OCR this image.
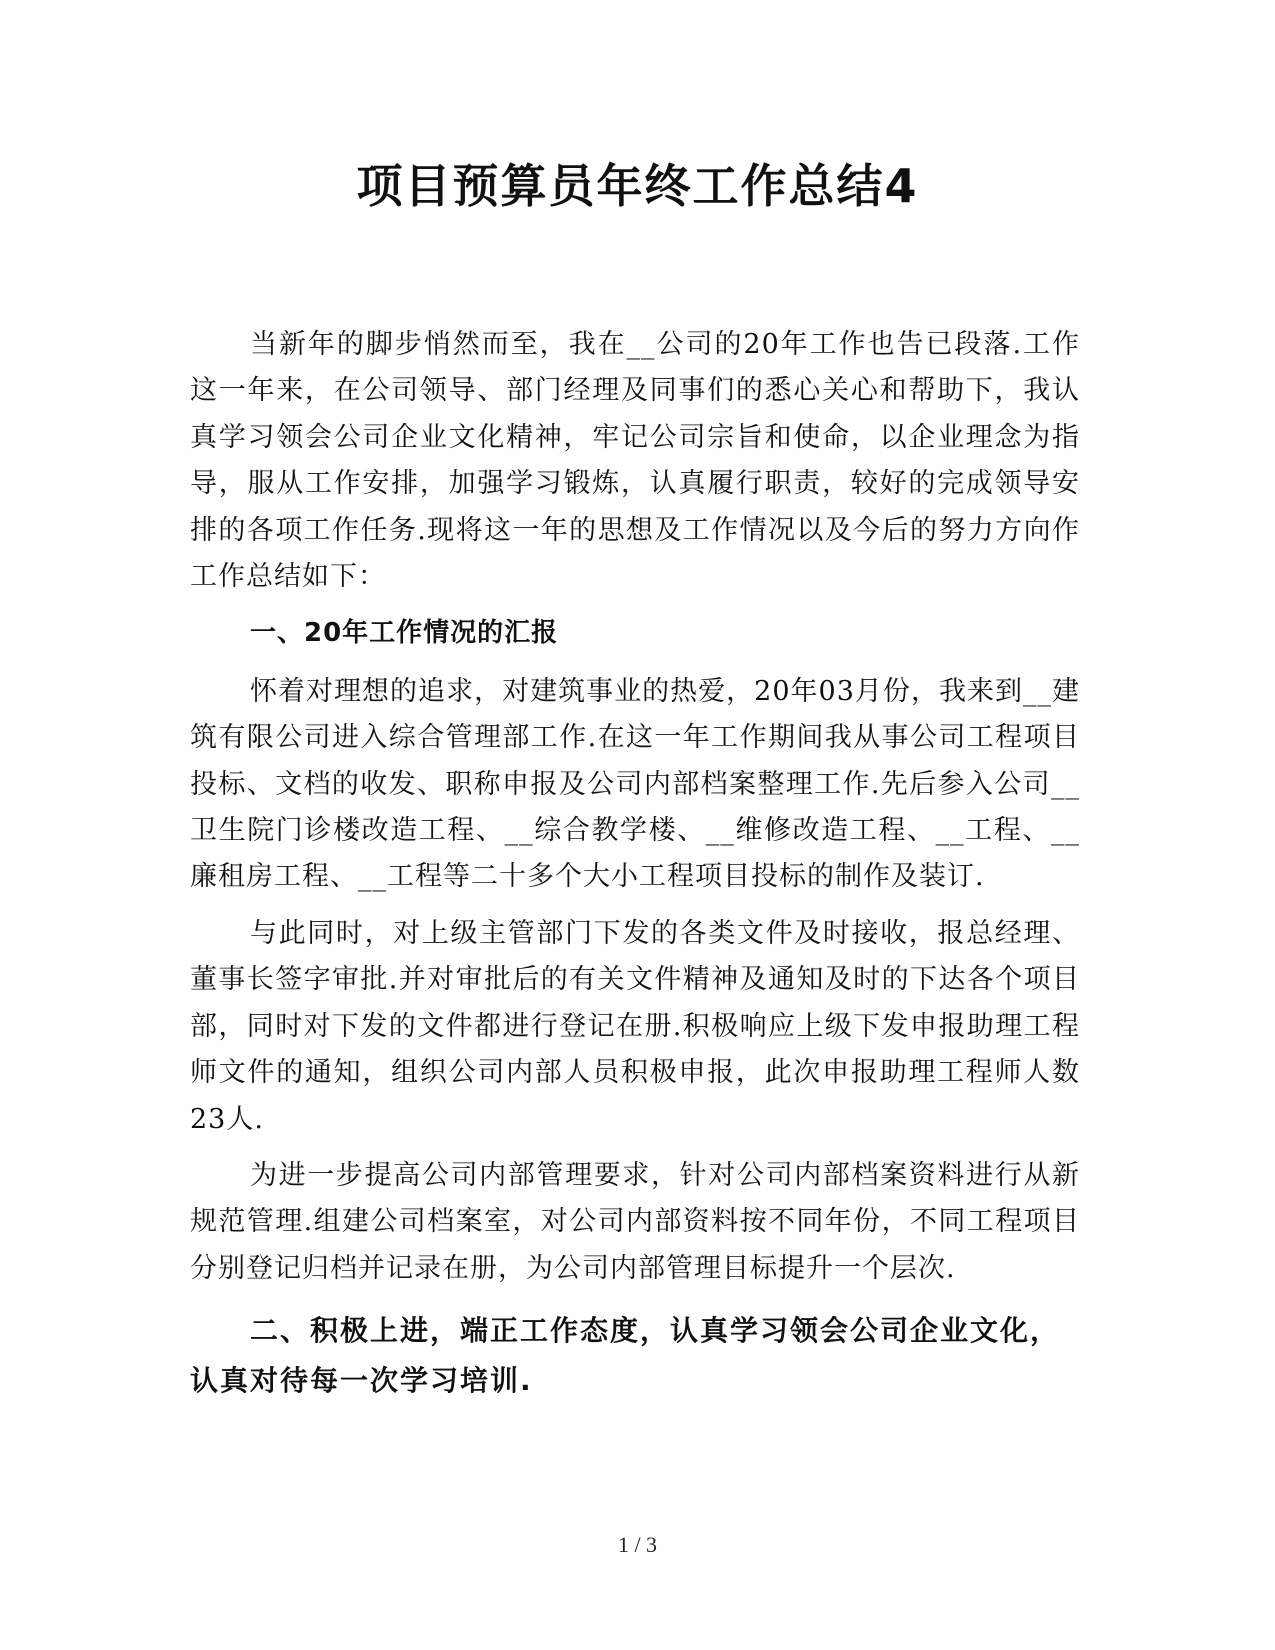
项目预算员年终工作总结4

当新年的脚步悄然而至，我在__公司的20年工作也告已段落.工作这一年来，在公司领导、部门经理及同事们的悉心关心和帮助下，我认真学习领会公司企业文化精神，牢记公司宗旨和使命，以企业理念为指导，服从工作安排，加强学习锻炼，认真履行职责，较好的完成领导安排的各项工作任务.现将这一年的思想及工作情况以及今后的努力方向作工作总结如下：

一、20年工作情况的汇报

怀着对理想的追求，对建筑事业的热爱，20年03月份，我来到__建筑有限公司进入综合管理部工作.在这一年工作期间我从事公司工程项目投标、文档的收发、职称申报及公司内部档案整理工作.先后参入公司__卫生院门诊楼改造工程、__综合教学楼、__维修改造工程、__工程、__廉租房工程、__工程等二十多个大小工程项目投标的制作及装订.

与此同时，对上级主管部门下发的各类文件及时接收，报总经理、董事长签字审批.并对审批后的有关文件精神及通知及时的下达各个项目部，同时对下发的文件都进行登记在册.积极响应上级下发申报助理工程师文件的通知，组织公司内部人员积极申报，此次申报助理工程师人数23人.

为进一步提高公司内部管理要求，针对公司内部档案资料进行从新规范管理.组建公司档案室，对公司内部资料按不同年份，不同工程项目分别登记归档并记录在册，为公司内部管理目标提升一个层次.

二、积极上进，端正工作态度，认真学习领会公司企业文化，认真对待每一次学习培训.

1 / 3
